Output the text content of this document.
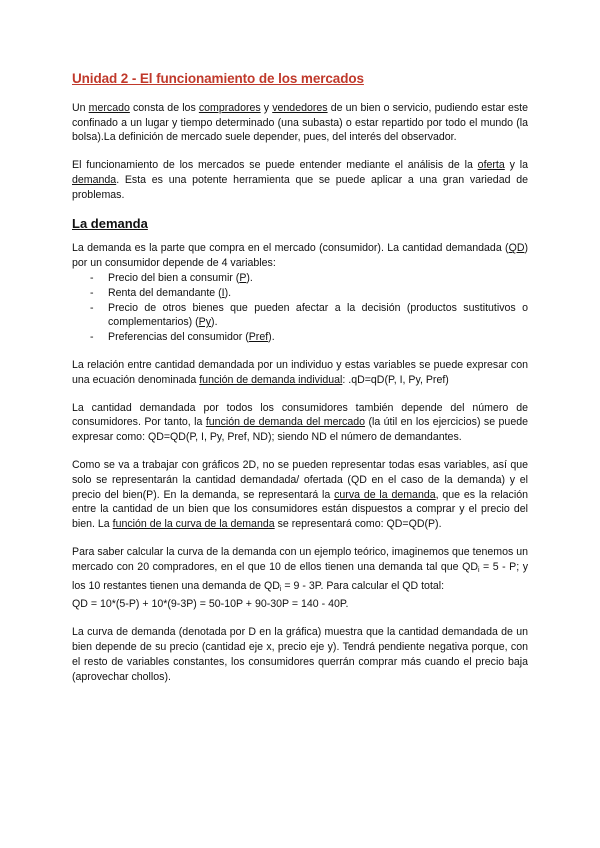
Unidad 2 - El funcionamiento de los mercados

Un mercado consta de los compradores y vendedores de un bien o servicio, pudiendo estar este confinado a un lugar y tiempo determinado (una subasta) o estar repartido por todo el mundo (la bolsa).La definición de mercado suele depender, pues, del interés del observador.

El funcionamiento de los mercados se puede entender mediante el análisis de la oferta y la demanda. Esta es una potente herramienta que se puede aplicar a una gran variedad de problemas.

La demanda

La demanda es la parte que compra en el mercado (consumidor). La cantidad demandada (QD) por un consumidor depende de 4 variables:

- Precio del bien a consumir (P).
- Renta del demandante (I).
- Precio de otros bienes que pueden afectar a la decisión (productos sustitutivos o complementarios) (Py).
- Preferencias del consumidor (Pref).

La relación entre cantidad demandada por un individuo y estas variables se puede expresar con una ecuación denominada función de demanda individual: .qD=qD(P, I, Py, Pref)

La cantidad demandada por todos los consumidores también depende del número de consumidores. Por tanto, la función de demanda del mercado (la útil en los ejercicios) se puede expresar como: QD=QD(P, I, Py, Pref, ND); siendo ND el número de demandantes.

Como se va a trabajar con gráficos 2D, no se pueden representar todas esas variables, así que solo se representarán la cantidad demandada/ ofertada (QD en el caso de la demanda) y el precio del bien(P). En la demanda, se representará la curva de la demanda, que es la relación entre la cantidad de un bien que los consumidores están dispuestos a comprar y el precio del bien. La función de la curva de la demanda se representará como: QD=QD(P).

Para saber calcular la curva de la demanda con un ejemplo teórico, imaginemos que tenemos un mercado con 20 compradores, en el que 10 de ellos tienen una demanda tal que $QD_i = 5 - P$; y los 10 restantes tienen una demanda de $QD_i = 9 - 3P$. Para calcular el QD total:
QD = 10*(5-P) + 10*(9-3P) = 50-10P + 90-30P = 140 - 40P.

La curva de demanda (denotada por D en la gráfica) muestra que la cantidad demandada de un bien depende de su precio (cantidad eje x, precio eje y). Tendrá pendiente negativa porque, con el resto de variables constantes, los consumidores querrán comprar más cuando el precio baja (aprovechar chollos).
